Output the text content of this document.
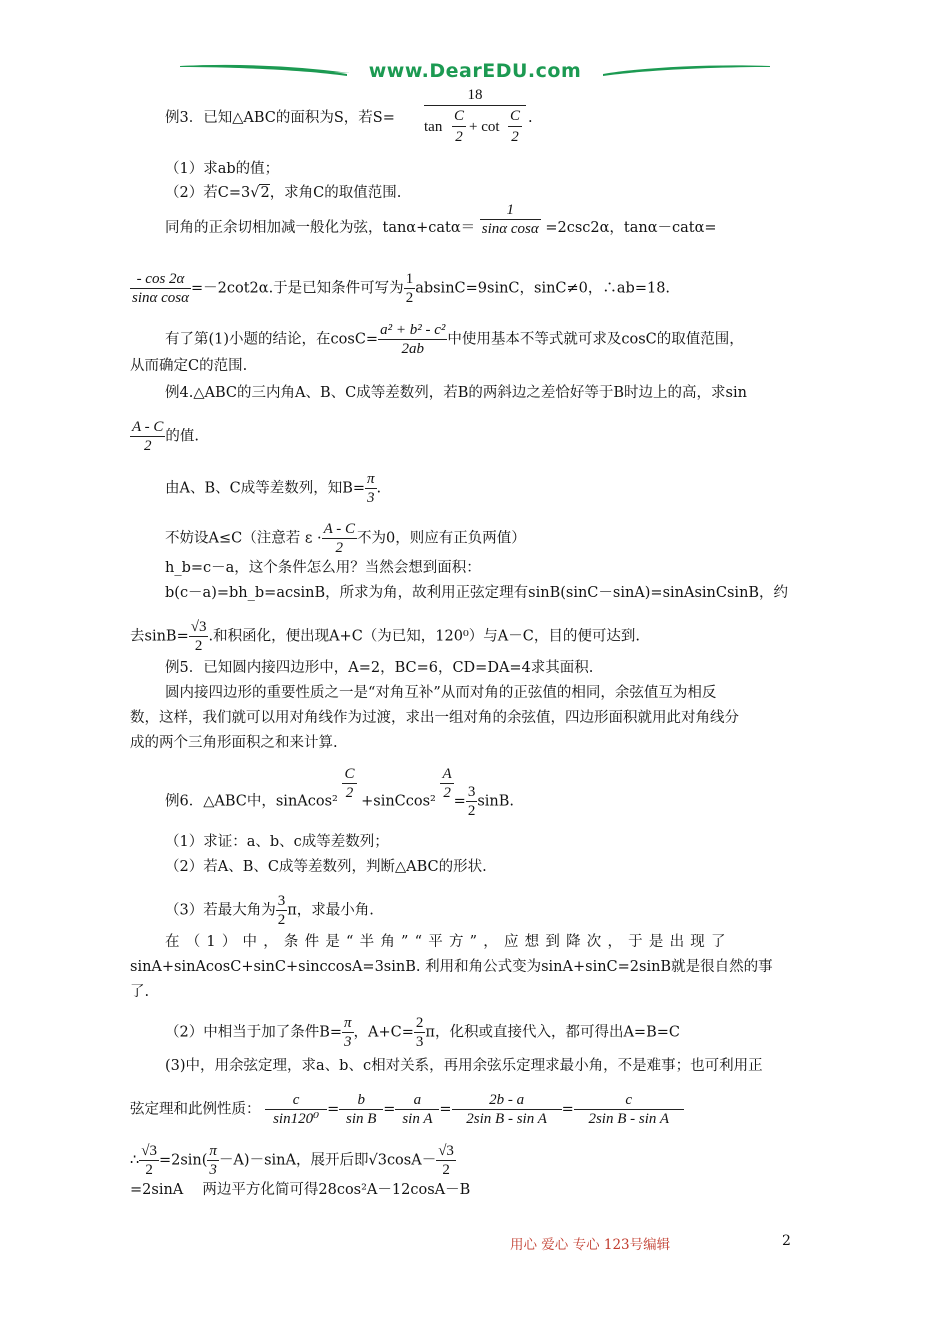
www.DearEDU.com
例3．已知△ABC的面积为S，若S=
18
tan
C
2
+ cot
C
2
.
（1）求ab的值；
（2）若C=3√2，求角C的取值范围.
同角的正余切相加减一般化为弦，$\tan\alpha+cat\alpha= \frac{1}{\text{sinα cosα}} =2\csc 2\alpha$，tanα－catα=
$\frac{- \cos 2\alpha}{\text{sinα cosα}} =-2\cot 2\alpha$.于是已知条件可写为 $\frac{1}{2} absinC=9\sin C$，sinC≠0，∴ab=18.
有了第(1)小题的结论，在$\cos C= \frac{\text{a² + b² - c²}}{2ab}$ 中使用基本不等式就可求及cosC的取值范围，
从而确定C的范围.
例4.△ABC的三内角A、B、C成等差数列，若B的两斜边之差恰好等于B时边上的高，求sin
$\frac{A - C}{2}$ 的值.
由A、B、C成等差数列，知$B= \frac{\pi}{3}$ .
不妨设A≤C（注意若 $\varepsilon \cdot \frac{A - C}{2}$ 不为0，则应有正负两值）
h_b=c－a，这个条件怎么用？当然会想到面积：
b(c－a)=bh_b=acsinB，所求为角，故利用正弦定理有sinB(sinC－sinA)=sinAsinCsinB，约
去$\sin B= \frac{√3}{2}$ .和积函化，便出现A+C（为已知，120⁰）与A－C，目的便可达到.
例5．已知圆内接四边形中，A=2，BC=6，CD=DA=4求其面积.
圆内接四边形的重要性质之一是“对角互补”从而对角的正弦值的相同，余弦值互为相反
数，这样，我们就可以用对角线作为过渡，求出一组对角的余弦值，四边形面积就用此对角线分
成的两个三角形面积之和来计算.
例6．△ABC中，sinAcos² $\frac{C}{2}$ +sinCcos² $\frac{A}{2} = \frac{3}{2} \sin B$.
（1）求证：a、b、c成等差数列；
（2）若A、B、C成等差数列，判断△ABC的形状.
（3）若最大角为 $\frac{3}{2}$ π，求最小角.
在（1）中，条件是“半角”“平方”，应想到降次，于是出现了
sinA+sinAcosC+sinC+sinccosA=3sinB. 利用和角公式变为sinA+sinC=2sinB就是很自然的事
了.
（2）中相当于加了条件$B= \frac{\pi}{3}$ ，$A+C= \frac{2}{3}$ π，化积或直接代入，都可得出A=B=C
(3)中，用余弦定理，求a、b、c相对关系，再用余弦乐定理求最小角，不是难事；也可利用正
弦定理和此例性质： $\frac{c}{\text{sin120⁰}} = \frac{b}{\text{sin B}} = \frac{a}{\text{sin A}} = \frac{2b - a}{\text{2sin B - sin A}} = \frac{c}{\text{2sin B - sin A}}$
∴ $\frac{√3}{2} =2\sin( \frac{\pi}{3} -A)-\sin A$，展开后即$√3\cos A- \frac{√3}{2}$
=2sinA　 两边平方化简可得28cos²A－12cosA－B
用心 爱心 专心 123号编辑	2
